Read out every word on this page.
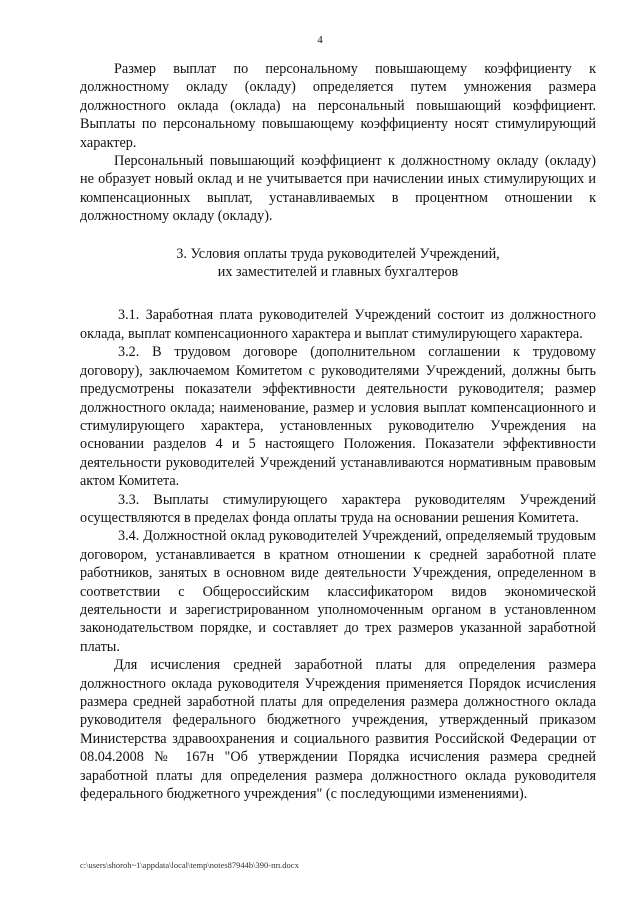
4

Размер выплат по персональному повышающему коэффициенту к должностному окладу (окладу) определяется путем умножения размера должностного оклада (оклада) на персональный повышающий коэффициент. Выплаты по персональному повышающему коэффициенту носят стимулирующий характер.

Персональный повышающий коэффициент к должностному окладу (окладу) не образует новый оклад и не учитывается при начислении иных стимулирующих и компенсационных выплат, устанавливаемых в процентном отношении к должностному окладу (окладу).

3. Условия оплаты труда руководителей Учреждений,
их заместителей и главных бухгалтеров

3.1. Заработная плата руководителей Учреждений состоит из должностного оклада, выплат компенсационного характера и выплат стимулирующего характера.

3.2. В трудовом договоре (дополнительном соглашении к трудовому договору), заключаемом Комитетом с руководителями Учреждений, должны быть предусмотрены показатели эффективности деятельности руководителя; размер должностного оклада; наименование, размер и условия выплат компенсационного и стимулирующего характера, установленных руководителю Учреждения на основании разделов 4 и 5 настоящего Положения. Показатели эффективности деятельности руководителей Учреждений устанавливаются нормативным правовым актом Комитета.

3.3. Выплаты стимулирующего характера руководителям Учреждений осуществляются в пределах фонда оплаты труда на основании решения Комитета.

3.4. Должностной оклад руководителей Учреждений, определяемый трудовым договором, устанавливается в кратном отношении к средней заработной плате работников, занятых в основном виде деятельности Учреждения, определенном в соответствии с Общероссийским классификатором видов экономической деятельности и зарегистрированном уполномоченным органом в установленном законодательством порядке, и составляет до трех размеров указанной заработной платы.

Для исчисления средней заработной платы для определения размера должностного оклада руководителя Учреждения применяется Порядок исчисления размера средней заработной платы для определения размера должностного оклада руководителя федерального бюджетного учреждения, утвержденный приказом Министерства здравоохранения и социального развития Российской Федерации от 08.04.2008 № 167н "Об утверждении Порядка исчисления размера средней заработной платы для определения размера должностного оклада руководителя федерального бюджетного учреждения" (с последующими изменениями).

c:\users\shoroh~1\appdata\local\temp\notes87944b\390-пп.docx
